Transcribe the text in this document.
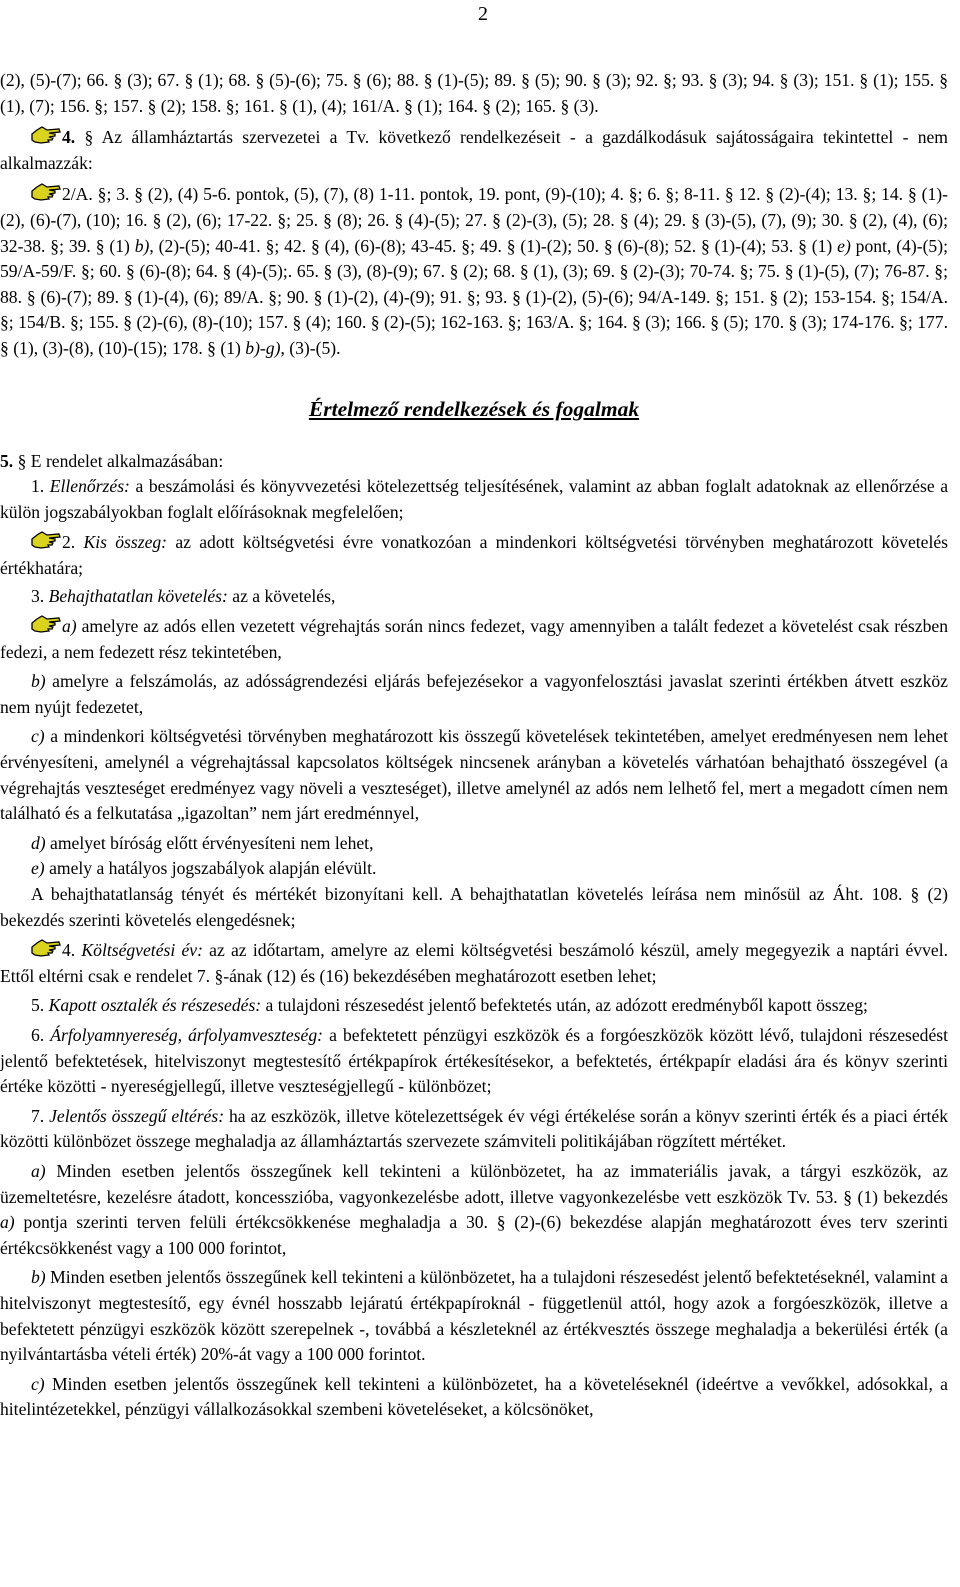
2

(2), (5)-(7); 66. § (3); 67. § (1); 68. § (5)-(6); 75. § (6); 88. § (1)-(5); 89. § (5); 90. § (3); 92. §; 93. § (3); 94. § (3); 151. § (1); 155. § (1), (7); 156. §; 157. § (2); 158. §; 161. § (1), (4); 161/A. § (1); 164. § (2); 165. § (3).

4. § Az államháztartás szervezetei a Tv. következő rendelkezéseit - a gazdálkodásuk sajátosságaira tekintettel - nem alkalmazzák:

2/A. §; 3. § (2), (4) 5-6. pontok, (5), (7), (8) 1-11. pontok, 19. pont, (9)-(10); 4. §; 6. §; 8-11. § 12. § (2)-(4); 13. §; 14. § (1)-(2), (6)-(7), (10); 16. § (2), (6); 17-22. §; 25. § (8); 26. § (4)-(5); 27. § (2)-(3), (5); 28. § (4); 29. § (3)-(5), (7), (9); 30. § (2), (4), (6); 32-38. §; 39. § (1) b), (2)-(5); 40-41. §; 42. § (4), (6)-(8); 43-45. §; 49. § (1)-(2); 50. § (6)-(8); 52. § (1)-(4); 53. § (1) e) pont, (4)-(5); 59/A-59/F. §; 60. § (6)-(8); 64. § (4)-(5);. 65. § (3), (8)-(9); 67. § (2); 68. § (1), (3); 69. § (2)-(3); 70-74. §; 75. § (1)-(5), (7); 76-87. §; 88. § (6)-(7); 89. § (1)-(4), (6); 89/A. §; 90. § (1)-(2), (4)-(9); 91. §; 93. § (1)-(2), (5)-(6); 94/A-149. §; 151. § (2); 153-154. §; 154/A. §; 154/B. §; 155. § (2)-(6), (8)-(10); 157. § (4); 160. § (2)-(5); 162-163. §; 163/A. §; 164. § (3); 166. § (5); 170. § (3); 174-176. §; 177. § (1), (3)-(8), (10)-(15); 178. § (1) b)-g), (3)-(5).

Értelmező rendelkezések és fogalmak

5. § E rendelet alkalmazásában:

1. Ellenőrzés: a beszámolási és könyvvezetési kötelezettség teljesítésének, valamint az abban foglalt adatoknak az ellenőrzése a külön jogszabályokban foglalt előírásoknak megfelelően;

2. Kis összeg: az adott költségvetési évre vonatkozóan a mindenkori költségvetési törvényben meghatározott követelés értékhatára;

3. Behajthatatlan követelés: az a követelés,

a) amelyre az adós ellen vezetett végrehajtás során nincs fedezet, vagy amennyiben a talált fedezet a követelést csak részben fedezi, a nem fedezett rész tekintetében,

b) amelyre a felszámolás, az adósságrendezési eljárás befejezésekor a vagyonfelosztási javaslat szerinti értékben átvett eszköz nem nyújt fedezetet,

c) a mindenkori költségvetési törvényben meghatározott kis összegű követelések tekintetében, amelyet eredményesen nem lehet érvényesíteni, amelynél a végrehajtással kapcsolatos költségek nincsenek arányban a követelés várhatóan behajtható összegével (a végrehajtás veszteséget eredményez vagy növeli a veszteséget), illetve amelynél az adós nem lelhető fel, mert a megadott címen nem található és a felkutatása „igazoltan” nem járt eredménnyel,

d) amelyet bíróság előtt érvényesíteni nem lehet,

e) amely a hatályos jogszabályok alapján elévült.

A behajthatatlanság tényét és mértékét bizonyítani kell. A behajthatatlan követelés leírása nem minősül az Áht. 108. § (2) bekezdés szerinti követelés elengedésnek;

4. Költségvetési év: az az időtartam, amelyre az elemi költségvetési beszámoló készül, amely megegyezik a naptári évvel. Ettől eltérni csak e rendelet 7. §-ának (12) és (16) bekezdésében meghatározott esetben lehet;

5. Kapott osztalék és részesedés: a tulajdoni részesedést jelentő befektetés után, az adózott eredményből kapott összeg;

6. Árfolyamnyereség, árfolyamveszteség: a befektetett pénzügyi eszközök és a forgóeszközök között lévő, tulajdoni részesedést jelentő befektetések, hitelviszonyt megtestesítő értékpapírok értékesítésekor, a befektetés, értékpapír eladási ára és könyv szerinti értéke közötti - nyereségjellegű, illetve veszteségjellegű - különbözet;

7. Jelentős összegű eltérés: ha az eszközök, illetve kötelezettségek év végi értékelése során a könyv szerinti érték és a piaci érték közötti különbözet összege meghaladja az államháztartás szervezete számviteli politikájában rögzített mértéket.

a) Minden esetben jelentős összegűnek kell tekinteni a különbözetet, ha az immateriális javak, a tárgyi eszközök, az üzemeltetésre, kezelésre átadott, koncesszióba, vagyonkezelésbe adott, illetve vagyonkezelésbe vett eszközök Tv. 53. § (1) bekezdés a) pontja szerinti terven felüli értékcsökkenése meghaladja a 30. § (2)-(6) bekezdése alapján meghatározott éves terv szerinti értékcsökkenést vagy a 100 000 forintot,

b) Minden esetben jelentős összegűnek kell tekinteni a különbözetet, ha a tulajdoni részesedést jelentő befektetéseknél, valamint a hitelviszonyt megtestesítő, egy évnél hosszabb lejáratú értékpapíroknál - függetlenül attól, hogy azok a forgóeszközök, illetve a befektetett pénzügyi eszközök között szerepelnek -, továbbá a készleteknél az értékvesztés összege meghaladja a bekerülési érték (a nyilvántartásba vételi érték) 20%-át vagy a 100 000 forintot.

c) Minden esetben jelentős összegűnek kell tekinteni a különbözetet, ha a követeléseknél (ideértve a vevőkkel, adósokkal, a hitelintézetekkel, pénzügyi vállalkozásokkal szembeni követeléseket, a kölcsönöket,
